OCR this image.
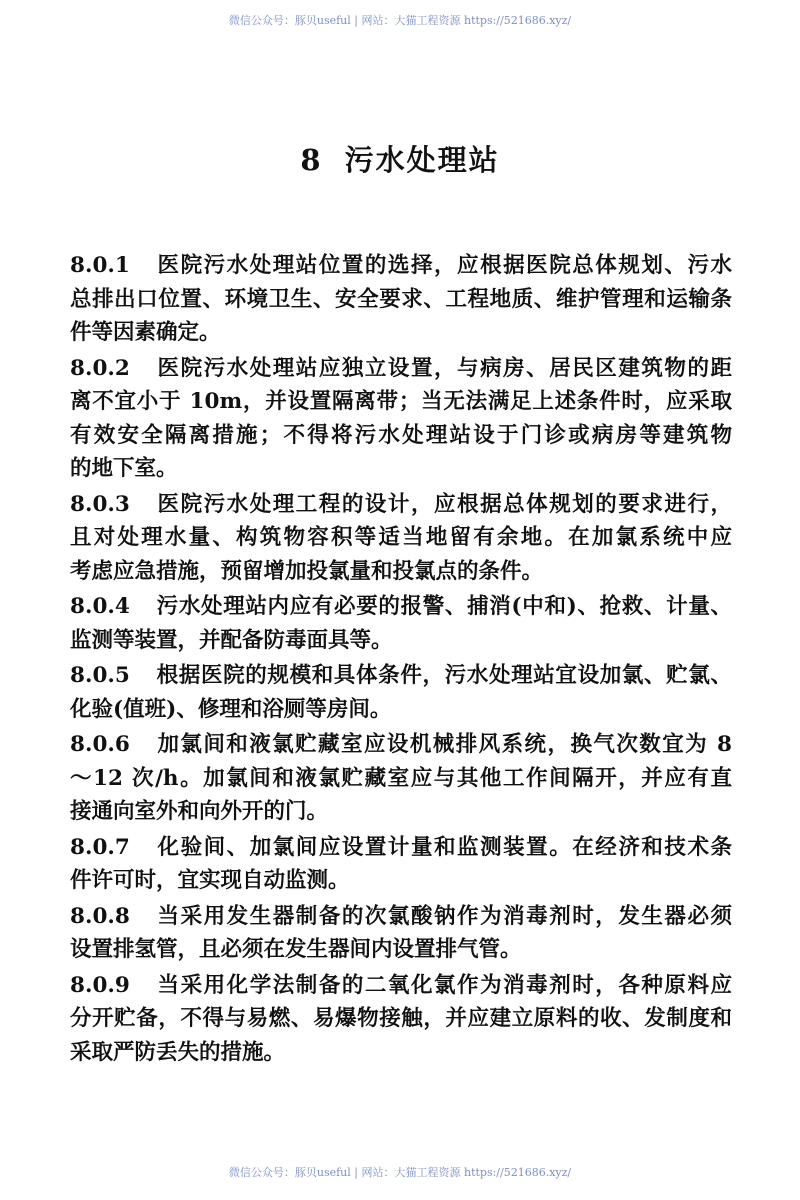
微信公众号：豚贝useful | 网站：大猫工程资源 https://521686.xyz/
8 污水处理站
8.0.1 医院污水处理站位置的选择，应根据医院总体规划、污水
总排出口位置、环境卫生、安全要求、工程地质、维护管理和运输条
件等因素确定。
8.0.2 医院污水处理站应独立设置，与病房、居民区建筑物的距
离不宜小于 10m，并设置隔离带；当无法满足上述条件时，应采取
有效安全隔离措施；不得将污水处理站设于门诊或病房等建筑物
的地下室。
8.0.3 医院污水处理工程的设计，应根据总体规划的要求进行，
且对处理水量、构筑物容积等适当地留有余地。在加氯系统中应
考虑应急措施，预留增加投氯量和投氯点的条件。
8.0.4 污水处理站内应有必要的报警、捕消(中和)、抢救、计量、
监测等装置，并配备防毒面具等。
8.0.5 根据医院的规模和具体条件，污水处理站宜设加氯、贮氯、
化验(值班)、修理和浴厕等房间。
8.0.6 加氯间和液氯贮藏室应设机械排风系统，换气次数宜为 8
～12 次/h。加氯间和液氯贮藏室应与其他工作间隔开，并应有直
接通向室外和向外开的门。
8.0.7 化验间、加氯间应设置计量和监测装置。在经济和技术条
件许可时，宜实现自动监测。
8.0.8 当采用发生器制备的次氯酸钠作为消毒剂时，发生器必须
设置排氢管，且必须在发生器间内设置排气管。
8.0.9 当采用化学法制备的二氧化氯作为消毒剂时，各种原料应
分开贮备，不得与易燃、易爆物接触，并应建立原料的收、发制度和
采取严防丢失的措施。
微信公众号：豚贝useful | 网站：大猫工程资源 https://521686.xyz/
